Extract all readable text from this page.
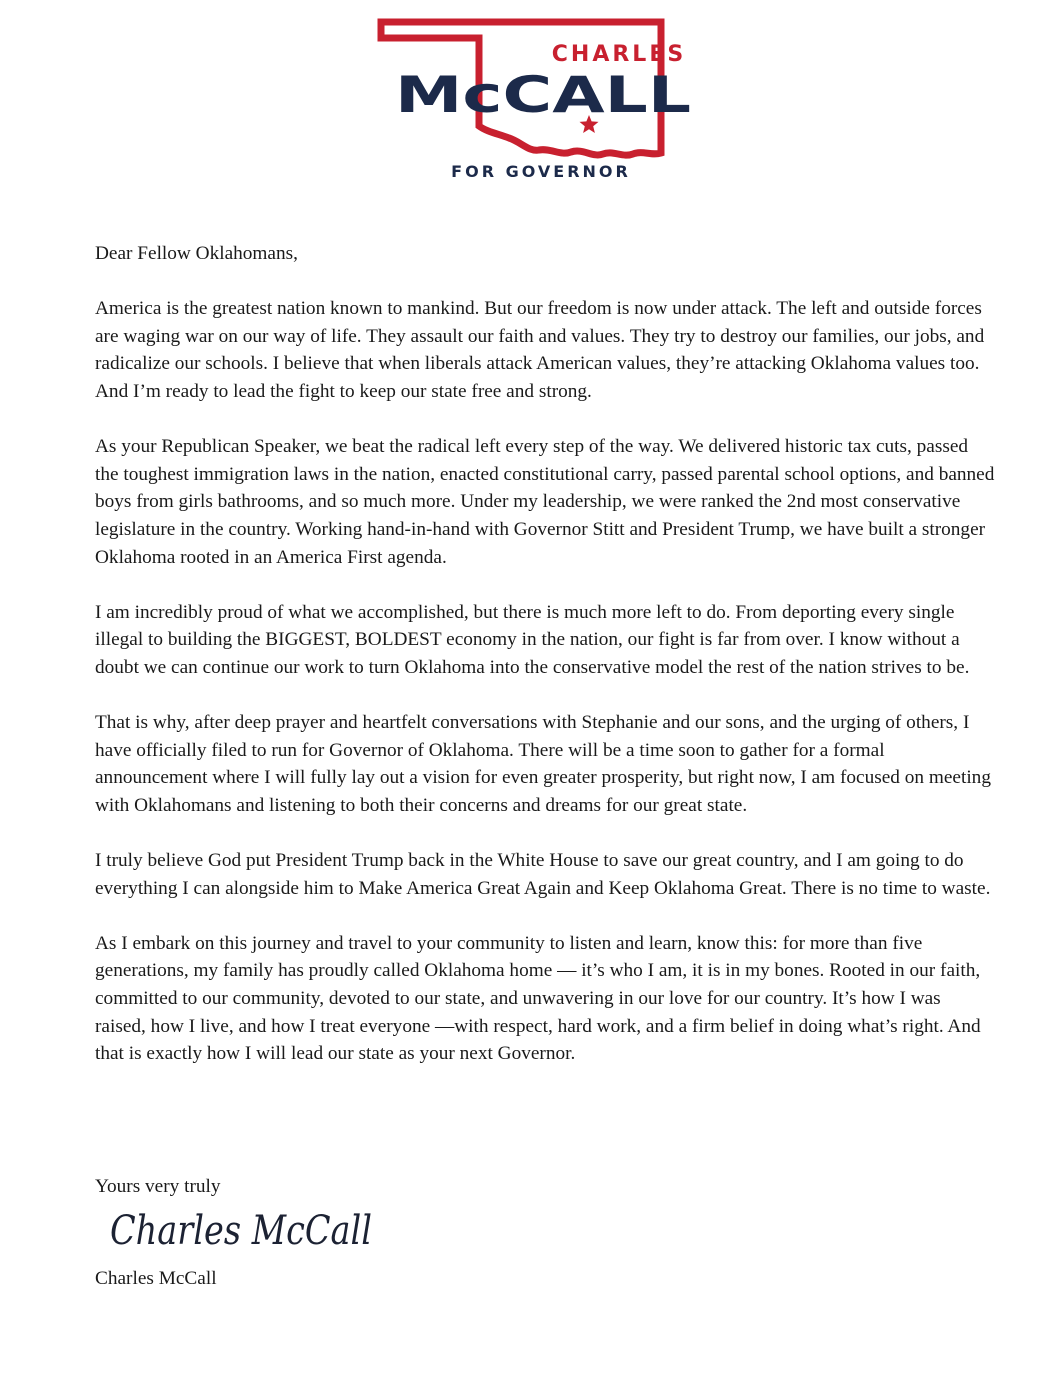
CHARLES
McCALL
FOR GOVERNOR

Dear Fellow Oklahomans,

America is the greatest nation known to mankind. But our freedom is now under attack. The left and outside forces are waging war on our way of life. They assault our faith and values. They try to destroy our families, our jobs, and radicalize our schools. I believe that when liberals attack American values, they’re attacking Oklahoma values too. And I’m ready to lead the fight to keep our state free and strong.

As your Republican Speaker, we beat the radical left every step of the way. We delivered historic tax cuts, passed the toughest immigration laws in the nation, enacted constitutional carry, passed parental school options, and banned boys from girls bathrooms, and so much more. Under my leadership, we were ranked the 2nd most conservative legislature in the country. Working hand-in-hand with Governor Stitt and President Trump, we have built a stronger Oklahoma rooted in an America First agenda.

I am incredibly proud of what we accomplished, but there is much more left to do. From deporting every single illegal to building the BIGGEST, BOLDEST economy in the nation, our fight is far from over. I know without a doubt we can continue our work to turn Oklahoma into the conservative model the rest of the nation strives to be.

That is why, after deep prayer and heartfelt conversations with Stephanie and our sons, and the urging of others, I have officially filed to run for Governor of Oklahoma. There will be a time soon to gather for a formal announcement where I will fully lay out a vision for even greater prosperity, but right now, I am focused on meeting with Oklahomans and listening to both their concerns and dreams for our great state.

I truly believe God put President Trump back in the White House to save our great country, and I am going to do everything I can alongside him to Make America Great Again and Keep Oklahoma Great. There is no time to waste.

As I embark on this journey and travel to your community to listen and learn, know this: for more than five generations, my family has proudly called Oklahoma home — it’s who I am, it is in my bones. Rooted in our faith, committed to our community, devoted to our state, and unwavering in our love for our country. It’s how I was raised, how I live, and how I treat everyone —with respect, hard work, and a firm belief in doing what’s right. And that is exactly how I will lead our state as your next Governor.

Yours very truly
Charles McCall
Charles McCall
